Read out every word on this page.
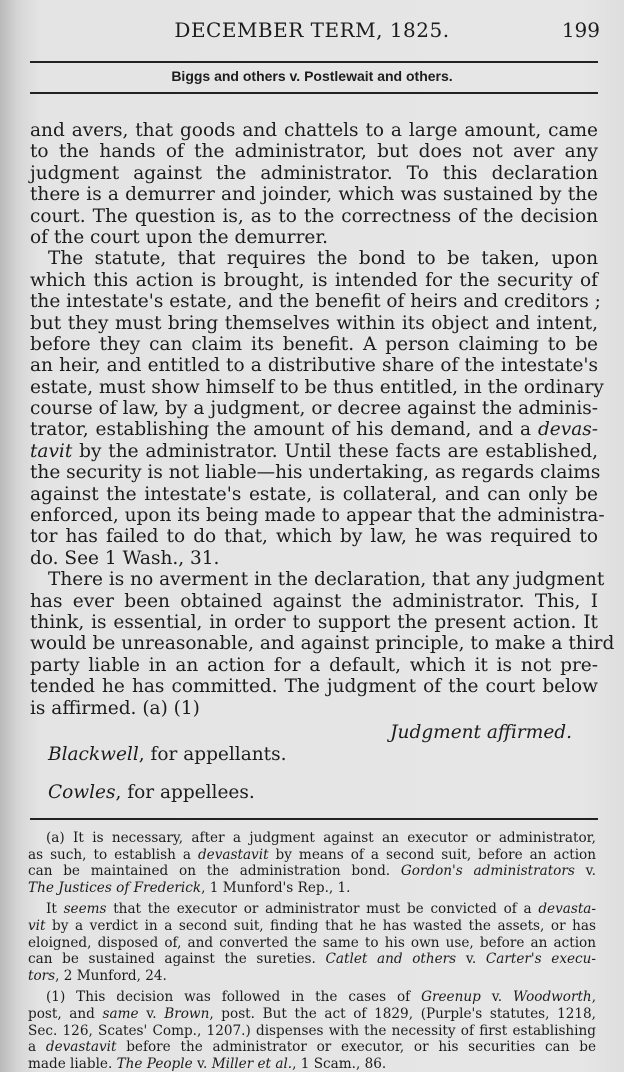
DECEMBER TERM, 1825.	199
Biggs and others v. Postlewait and others.
and avers, that goods and chattels to a large amount, came
to the hands of the administrator, but does not aver any
judgment against the administrator. To this declaration
there is a demurrer and joinder, which was sustained by the
court. The question is, as to the correctness of the decision
of the court upon the demurrer.
The statute, that requires the bond to be taken, upon
which this action is brought, is intended for the security of
the intestate's estate, and the benefit of heirs and creditors ;
but they must bring themselves within its object and intent,
before they can claim its benefit. A person claiming to be
an heir, and entitled to a distributive share of the intestate's
estate, must show himself to be thus entitled, in the ordinary
course of law, by a judgment, or decree against the adminis-
trator, establishing the amount of his demand, and a devas-
tavit by the administrator. Until these facts are established,
the security is not liable—his undertaking, as regards claims
against the intestate's estate, is collateral, and can only be
enforced, upon its being made to appear that the administra-
tor has failed to do that, which by law, he was required to
do. See 1 Wash., 31.
There is no averment in the declaration, that any judgment
has ever been obtained against the administrator. This, I
think, is essential, in order to support the present action. It
would be unreasonable, and against principle, to make a third
party liable in an action for a default, which it is not pre-
tended he has committed. The judgment of the court below
is affirmed. (a) (1)
Judgment affirmed.
Blackwell, for appellants.
Cowles, for appellees.
(a) It is necessary, after a judgment against an executor or administrator,
as such, to establish a devastavit by means of a second suit, before an action
can be maintained on the administration bond. Gordon's administrators v.
The Justices of Frederick, 1 Munford's Rep., 1.
It seems that the executor or administrator must be convicted of a devasta-
vit by a verdict in a second suit, finding that he has wasted the assets, or has
eloigned, disposed of, and converted the same to his own use, before an action
can be sustained against the sureties. Catlet and others v. Carter's execu-
tors, 2 Munford, 24.
(1) This decision was followed in the cases of Greenup v. Woodworth,
post, and same v. Brown, post. But the act of 1829, (Purple's statutes, 1218,
Sec. 126, Scates' Comp., 1207.) dispenses with the necessity of first establishing
a devastavit before the administrator or executor, or his securities can be
made liable. The People v. Miller et al., 1 Scam., 86.
